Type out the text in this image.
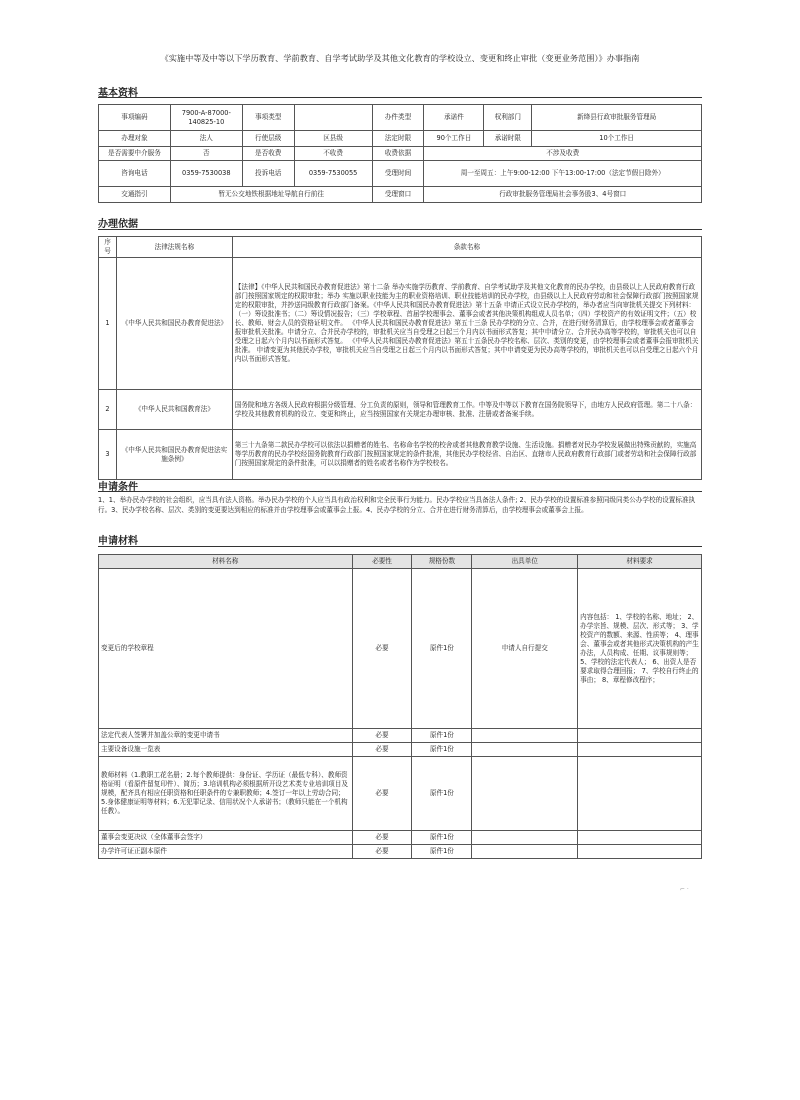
《实施中等及中等以下学历教育、学前教育、自学考试助学及其他文化教育的学校设立、变更和终止审批（变更业务范围）》办事指南
基本资料
事项编码	7900-A-87000-140825-10	事项类型		办件类型	承诺件	权利部门	新绛县行政审批服务管理局
办理对象	法人	行使层级	区县级	法定时限	90个工作日	承诺时限	10个工作日
是否需要中介服务	否	是否收费	不收费	收费依据	不涉及收费		
咨询电话	0359-7530038	投诉电话	0359-7530055	受理时间	周一至周五：上午9:00-12:00 下午13:00-17:00（法定节假日除外）		
交通指引	暂无公交地铁根据地址导航自行前往			受理窗口	行政审批服务管理局社会事务股3、4号窗口		
办理依据
序号	法律法规名称	条款名称
1	《中华人民共和国民办教育促进法》	【法律】《中华人民共和国民办教育促进法》第十二条 举办实施学历教育、学前教育、自学考试助学及其他文化教育的民办学校，由县级以上人民政府教育行政部门按照国家规定的权限审批；举办 实施以职业技能为主的职业资格培训、职业技能培训的民办学校，由县级以上人民政府劳动和社会保障行政部门按照国家规定的权限审批，并抄送同级教育行政部门备案。《中华人民共和国民办教育促进法》第十五条 申请正式设立民办学校的，举办者应当向审批机关提交下列材料：（一）筹设批准书；（二）筹设情况报告；（三）学校章程、首届学校理事会、董事会或者其他决策机构组成人员名单；（四）学校资产的有效证明文件；（五）校长、教师、财会人员的资格证明文件。 《中华人民共和国民办教育促进法》第五十三条 民办学校的分立、合并，在进行财务清算后，由学校理事会或者董事会报审批机关批准。申请分立、合并民办学校的，审批机关应当自受理之日起三个月内以书面形式答复；其中申请分立、合并民办高等学校的，审批机关也可以自受理之日起六个月内以书面形式答复。 《中华人民共和国民办教育促进法》第五十五条民办学校名称、层次、类别的变更，由学校理事会或者董事会报审批机关批准。 申请变更为其他民办学校，审批机关应当自受理之日起三个月内以书面形式答复；其中申请变更为民办高等学校的，审批机关也可以自受理之日起六个月内以书面形式答复。
2	《中华人民共和国教育法》	国务院和地方各级人民政府根据分级管理、分工负责的原则，领导和管理教育工作。中等及中等以下教育在国务院领导下，由地方人民政府管理。第二十八条：学校及其他教育机构的设立、变更和终止，应当按照国家有关规定办理审核、批准、注册或者备案手续。
3	《中华人民共和国民办教育促进法实施条例》	第三十九条第二款民办学校可以依法以捐赠者的姓名、名称命名学校的校舍或者其他教育教学设施、生活设施。捐赠者对民办学校发展做出特殊贡献的，实施高等学历教育的民办学校经国务院教育行政部门按照国家规定的条件批准，其他民办学校经省、自治区、直辖市人民政府教育行政部门或者劳动和社会保障行政部门按照国家规定的条件批准，可以以捐赠者的姓名或者名称作为学校校名。
申请条件
1、1、举办民办学校的社会组织，应当具有法人资格。举办民办学校的个人应当具有政治权利和完全民事行为能力。民办学校应当具备法人条件; 2、民办学校的设置标准参照同级同类公办学校的设置标准执行。3、民办学校名称、层次、类别的变更要达到相应的标准并由学校理事会或董事会上报。4、民办学校的分立、合并在进行财务清算后，由学校理事会或董事会上报。
申请材料
材料名称	必要性	规格份数	出具单位	材料要求
变更后的学校章程	必要	原件1份	申请人自行提交	内容包括： 1、学校的名称、地址； 2、办学宗旨、规模、层次、形式等； 3、学校资产的数额、来源、性质等； 4、理事会、董事会或者其他形式决策机构的产生办法，人员构成、任期、议事规则等； 5、学校的法定代表人； 6、出资人是否要求取得合理回报； 7、学校自行终止的事由； 8、章程修改程序；
法定代表人签署并加盖公章的变更申请书	必要	原件1份		
主要设备设施一览表	必要	原件1份		
教师材料（1.教职工花名册；2.每个教师提供：身份证、学历证（最低专科）、教师资格证明（看原件留复印件）、简历；3.培训机构必须根据所开设艺术类专业培训项目及规模，配齐具有相应任职资格和任职条件的专兼职教师；4.签订一年以上劳动合同；5.身体健康证明等材料；6.无犯罪记录、信用状况个人承诺书；（教师只能在一个机构任教）。	必要	原件1份		
董事会变更决议（全体董事会签字）	必要	原件1份		
办学许可证正副本原件	必要	原件1份		
⌐ ·
